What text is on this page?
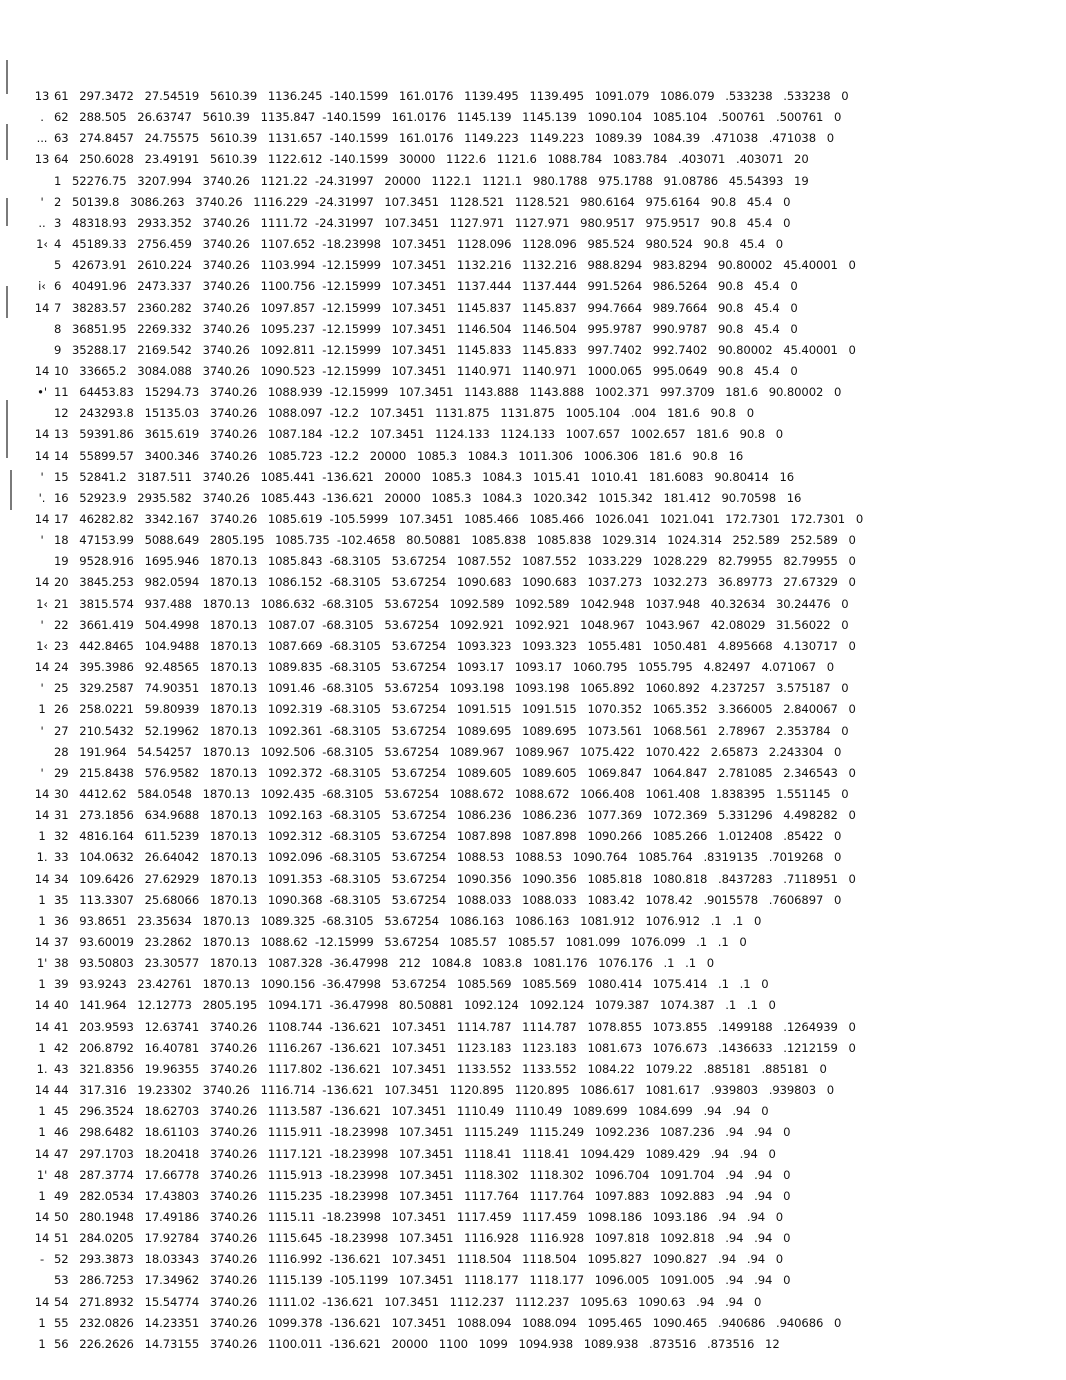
13 61   297.3472   27.54519   5610.39   1136.245  -140.1599   161.0176   1139.495   1139.495   1091.079   1086.079   .533238   .533238   0
. 62   288.505   26.63747   5610.39   1135.847  -140.1599   161.0176   1145.139   1145.139   1090.104   1085.104   .500761   .500761   0
... 63   274.8457   24.75575   5610.39   1131.657  -140.1599   161.0176   1149.223   1149.223   1089.39   1084.39   .471038   .471038   0
13 64   250.6028   23.49191   5610.39   1122.612  -140.1599   30000   1122.6   1121.6   1088.784   1083.784   .403071   .403071   20
1   52276.75   3207.994   3740.26   1121.22  -24.31997   20000   1122.1   1121.1   980.1788   975.1788   91.08786   45.54393   19
' 2   50139.8   3086.263   3740.26   1116.229  -24.31997   107.3451   1128.521   1128.521   980.6164   975.6164   90.8   45.4   0
.. 3   48318.93   2933.352   3740.26   1111.72  -24.31997   107.3451   1127.971   1127.971   980.9517   975.9517   90.8   45.4   0
1‹ 4   45189.33   2756.459   3740.26   1107.652  -18.23998   107.3451   1128.096   1128.096   985.524   980.524   90.8   45.4   0
5   42673.91   2610.224   3740.26   1103.994  -12.15999   107.3451   1132.216   1132.216   988.8294   983.8294   90.80002   45.40001   0
i‹ 6   40491.96   2473.337   3740.26   1100.756  -12.15999   107.3451   1137.444   1137.444   991.5264   986.5264   90.8   45.4   0
14 7   38283.57   2360.282   3740.26   1097.857  -12.15999   107.3451   1145.837   1145.837   994.7664   989.7664   90.8   45.4   0
8   36851.95   2269.332   3740.26   1095.237  -12.15999   107.3451   1146.504   1146.504   995.9787   990.9787   90.8   45.4   0
9   35288.17   2169.542   3740.26   1092.811  -12.15999   107.3451   1145.833   1145.833   997.7402   992.7402   90.80002   45.40001   0
14 10   33665.2   3084.088   3740.26   1090.523  -12.15999   107.3451   1140.971   1140.971   1000.065   995.0649   90.8   45.4   0
•' 11   64453.83   15294.73   3740.26   1088.939  -12.15999   107.3451   1143.888   1143.888   1002.371   997.3709   181.6   90.80002   0
12   243293.8   15135.03   3740.26   1088.097  -12.2   107.3451   1131.875   1131.875   1005.104   .004   181.6   90.8   0
14 13   59391.86   3615.619   3740.26   1087.184  -12.2   107.3451   1124.133   1124.133   1007.657   1002.657   181.6   90.8   0
14 14   55899.57   3400.346   3740.26   1085.723  -12.2   20000   1085.3   1084.3   1011.306   1006.306   181.6   90.8   16
' 15   52841.2   3187.511   3740.26   1085.441  -136.621   20000   1085.3   1084.3   1015.41   1010.41   181.6083   90.80414   16
'. 16   52923.9   2935.582   3740.26   1085.443  -136.621   20000   1085.3   1084.3   1020.342   1015.342   181.412   90.70598   16
14 17   46282.82   3342.167   3740.26   1085.619  -105.5999   107.3451   1085.466   1085.466   1026.041   1021.041   172.7301   172.7301   0
' 18   47153.99   5088.649   2805.195   1085.735  -102.4658   80.50881   1085.838   1085.838   1029.314   1024.314   252.589   252.589   0
19   9528.916   1695.946   1870.13   1085.843  -68.3105   53.67254   1087.552   1087.552   1033.229   1028.229   82.79955   82.79955   0
14 20   3845.253   982.0594   1870.13   1086.152  -68.3105   53.67254   1090.683   1090.683   1037.273   1032.273   36.89773   27.67329   0
1‹ 21   3815.574   937.488   1870.13   1086.632  -68.3105   53.67254   1092.589   1092.589   1042.948   1037.948   40.32634   30.24476   0
' 22   3661.419   504.4998   1870.13   1087.07  -68.3105   53.67254   1092.921   1092.921   1048.967   1043.967   42.08029   31.56022   0
1‹ 23   442.8465   104.9488   1870.13   1087.669  -68.3105   53.67254   1093.323   1093.323   1055.481   1050.481   4.895668   4.130717   0
14 24   395.3986   92.48565   1870.13   1089.835  -68.3105   53.67254   1093.17   1093.17   1060.795   1055.795   4.82497   4.071067   0
' 25   329.2587   74.90351   1870.13   1091.46  -68.3105   53.67254   1093.198   1093.198   1065.892   1060.892   4.237257   3.575187   0
1 26   258.0221   59.80939   1870.13   1092.319  -68.3105   53.67254   1091.515   1091.515   1070.352   1065.352   3.366005   2.840067   0
' 27   210.5432   52.19962   1870.13   1092.361  -68.3105   53.67254   1089.695   1089.695   1073.561   1068.561   2.78967   2.353784   0
28   191.964   54.54257   1870.13   1092.506  -68.3105   53.67254   1089.967   1089.967   1075.422   1070.422   2.65873   2.243304   0
' 29   215.8438   576.9582   1870.13   1092.372  -68.3105   53.67254   1089.605   1089.605   1069.847   1064.847   2.781085   2.346543   0
14 30   4412.62   584.0548   1870.13   1092.435  -68.3105   53.67254   1088.672   1088.672   1066.408   1061.408   1.838395   1.551145   0
14 31   273.1856   634.9688   1870.13   1092.163  -68.3105   53.67254   1086.236   1086.236   1077.369   1072.369   5.331296   4.498282   0
1 32   4816.164   611.5239   1870.13   1092.312  -68.3105   53.67254   1087.898   1087.898   1090.266   1085.266   1.012408   .85422   0
1. 33   104.0632   26.64042   1870.13   1092.096  -68.3105   53.67254   1088.53   1088.53   1090.764   1085.764   .8319135   .7019268   0
14 34   109.6426   27.62929   1870.13   1091.353  -68.3105   53.67254   1090.356   1090.356   1085.818   1080.818   .8437283   .7118951   0
1 35   113.3307   25.68066   1870.13   1090.368  -68.3105   53.67254   1088.033   1088.033   1083.42   1078.42   .9015578   .7606897   0
1 36   93.8651   23.35634   1870.13   1089.325  -68.3105   53.67254   1086.163   1086.163   1081.912   1076.912   .1   .1   0
14 37   93.60019   23.2862   1870.13   1088.62  -12.15999   53.67254   1085.57   1085.57   1081.099   1076.099   .1   .1   0
1' 38   93.50803   23.30577   1870.13   1087.328  -36.47998   212   1084.8   1083.8   1081.176   1076.176   .1   .1   0
1 39   93.9243   23.42761   1870.13   1090.156  -36.47998   53.67254   1085.569   1085.569   1080.414   1075.414   .1   .1   0
14 40   141.964   12.12773   2805.195   1094.171  -36.47998   80.50881   1092.124   1092.124   1079.387   1074.387   .1   .1   0
14 41   203.9593   12.63741   3740.26   1108.744  -136.621   107.3451   1114.787   1114.787   1078.855   1073.855   .1499188   .1264939   0
1 42   206.8792   16.40781   3740.26   1116.267  -136.621   107.3451   1123.183   1123.183   1081.673   1076.673   .1436633   .1212159   0
1. 43   321.8356   19.96355   3740.26   1117.802  -136.621   107.3451   1133.552   1133.552   1084.22   1079.22   .885181   .885181   0
14 44   317.316   19.23302   3740.26   1116.714  -136.621   107.3451   1120.895   1120.895   1086.617   1081.617   .939803   .939803   0
1 45   296.3524   18.62703   3740.26   1113.587  -136.621   107.3451   1110.49   1110.49   1089.699   1084.699   .94   .94   0
1 46   298.6482   18.61103   3740.26   1115.911  -18.23998   107.3451   1115.249   1115.249   1092.236   1087.236   .94   .94   0
14 47   297.1703   18.20418   3740.26   1117.121  -18.23998   107.3451   1118.41   1118.41   1094.429   1089.429   .94   .94   0
1' 48   287.3774   17.66778   3740.26   1115.913  -18.23998   107.3451   1118.302   1118.302   1096.704   1091.704   .94   .94   0
1 49   282.0534   17.43803   3740.26   1115.235  -18.23998   107.3451   1117.764   1117.764   1097.883   1092.883   .94   .94   0
14 50   280.1948   17.49186   3740.26   1115.11  -18.23998   107.3451   1117.459   1117.459   1098.186   1093.186   .94   .94   0
14 51   284.0205   17.92784   3740.26   1115.645  -18.23998   107.3451   1116.928   1116.928   1097.818   1092.818   .94   .94   0
- 52   293.3873   18.03343   3740.26   1116.992  -136.621   107.3451   1118.504   1118.504   1095.827   1090.827   .94   .94   0
53   286.7253   17.34962   3740.26   1115.139  -105.1199   107.3451   1118.177   1118.177   1096.005   1091.005   .94   .94   0
14 54   271.8932   15.54774   3740.26   1111.02  -136.621   107.3451   1112.237   1112.237   1095.63   1090.63   .94   .94   0
1 55   232.0826   14.23351   3740.26   1099.378  -136.621   107.3451   1088.094   1088.094   1095.465   1090.465   .940686   .940686   0
1 56   226.2626   14.73155   3740.26   1100.011  -136.621   20000   1100   1099   1094.938   1089.938   .873516   .873516   12
